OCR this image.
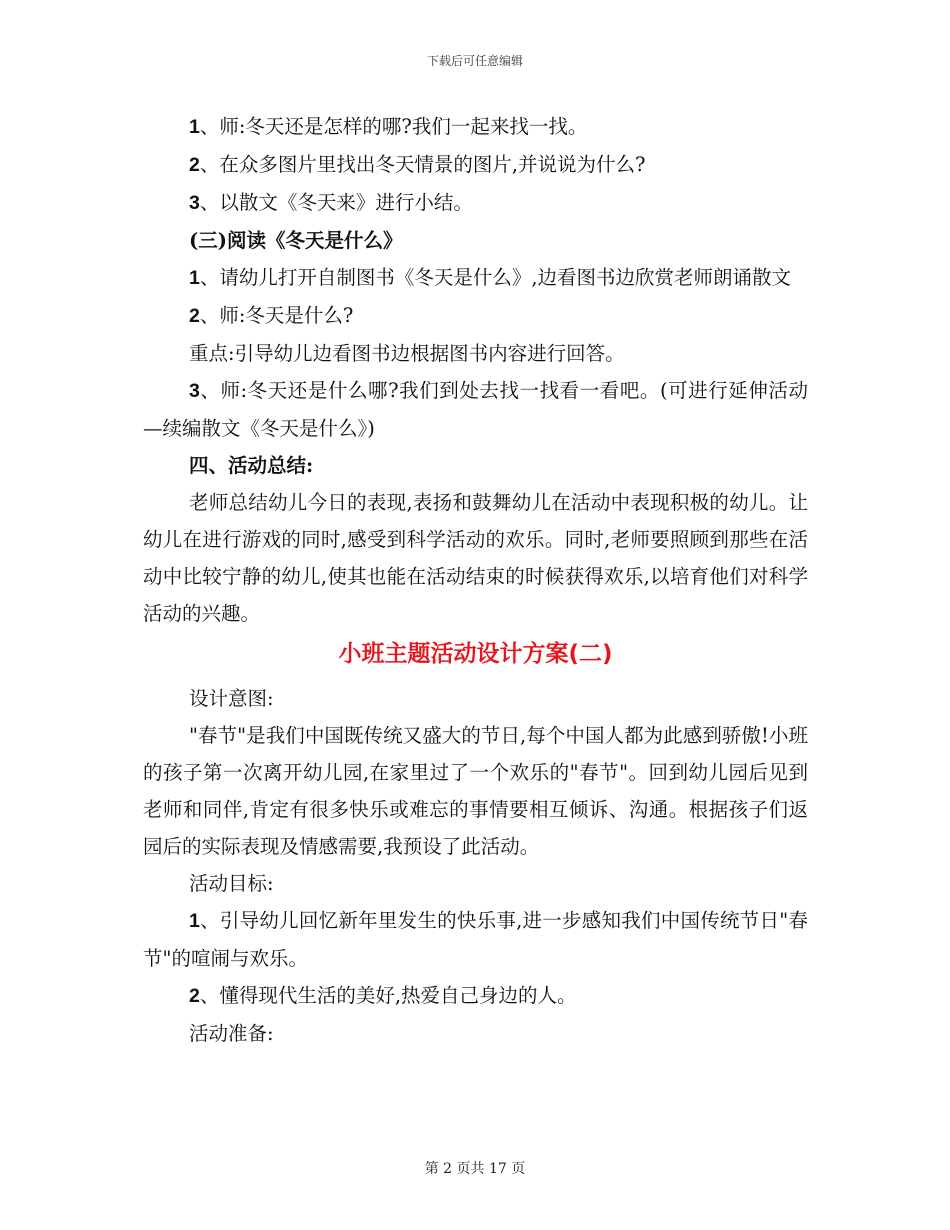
下载后可任意编辑

1、师:冬天还是怎样的哪?我们一起来找一找。

2、在众多图片里找出冬天情景的图片,并说说为什么?

3、以散文《冬天来》进行小结。

(三)阅读《冬天是什么》

1、请幼儿打开自制图书《冬天是什么》,边看图书边欣赏老师朗诵散文

2、师:冬天是什么?

重点:引导幼儿边看图书边根据图书内容进行回答。

3、师:冬天还是什么哪?我们到处去找一找看一看吧。(可进行延伸活动—续编散文《冬天是什么》)

四、活动总结:

老师总结幼儿今日的表现,表扬和鼓舞幼儿在活动中表现积极的幼儿。让幼儿在进行游戏的同时,感受到科学活动的欢乐。同时,老师要照顾到那些在活动中比较宁静的幼儿,使其也能在活动结束的时候获得欢乐,以培育他们对科学活动的兴趣。

小班主题活动设计方案(二)

设计意图:

"春节"是我们中国既传统又盛大的节日,每个中国人都为此感到骄傲!小班的孩子第一次离开幼儿园,在家里过了一个欢乐的"春节"。回到幼儿园后见到老师和同伴,肯定有很多快乐或难忘的事情要相互倾诉、沟通。根据孩子们返园后的实际表现及情感需要,我预设了此活动。

活动目标:

1、引导幼儿回忆新年里发生的快乐事,进一步感知我们中国传统节日"春节"的喧闹与欢乐。

2、懂得现代生活的美好,热爱自己身边的人。

活动准备:

第 2 页共 17 页
